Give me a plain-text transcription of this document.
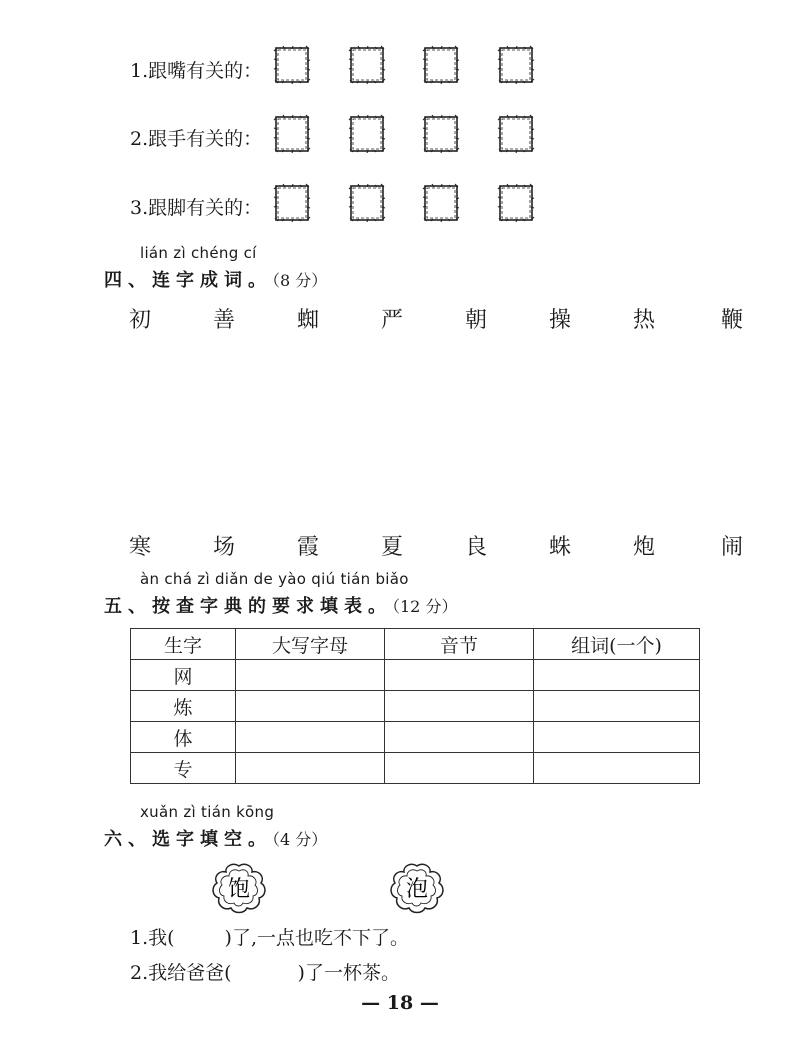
1.跟嘴有关的：
2.跟手有关的：
3.跟脚有关的：
lián zì chéng cí
四、连字成词。（8 分）
初	善	蜘	严	朝	操	热	鞭
寒	场	霞	夏	良	蛛	炮	闹
àn chá zì diǎn de yào qiú tián biǎo
五、按查字典的要求填表。（12 分）
生字	大写字母	音节	组词(一个)
网			
炼			
体			
专			
xuǎn zì tián kōng
六、选字填空。（4 分）
饱	泡
1.我(	)了,一点也吃不下了。
2.我给爸爸(	)了一杯茶。
— 18 —
